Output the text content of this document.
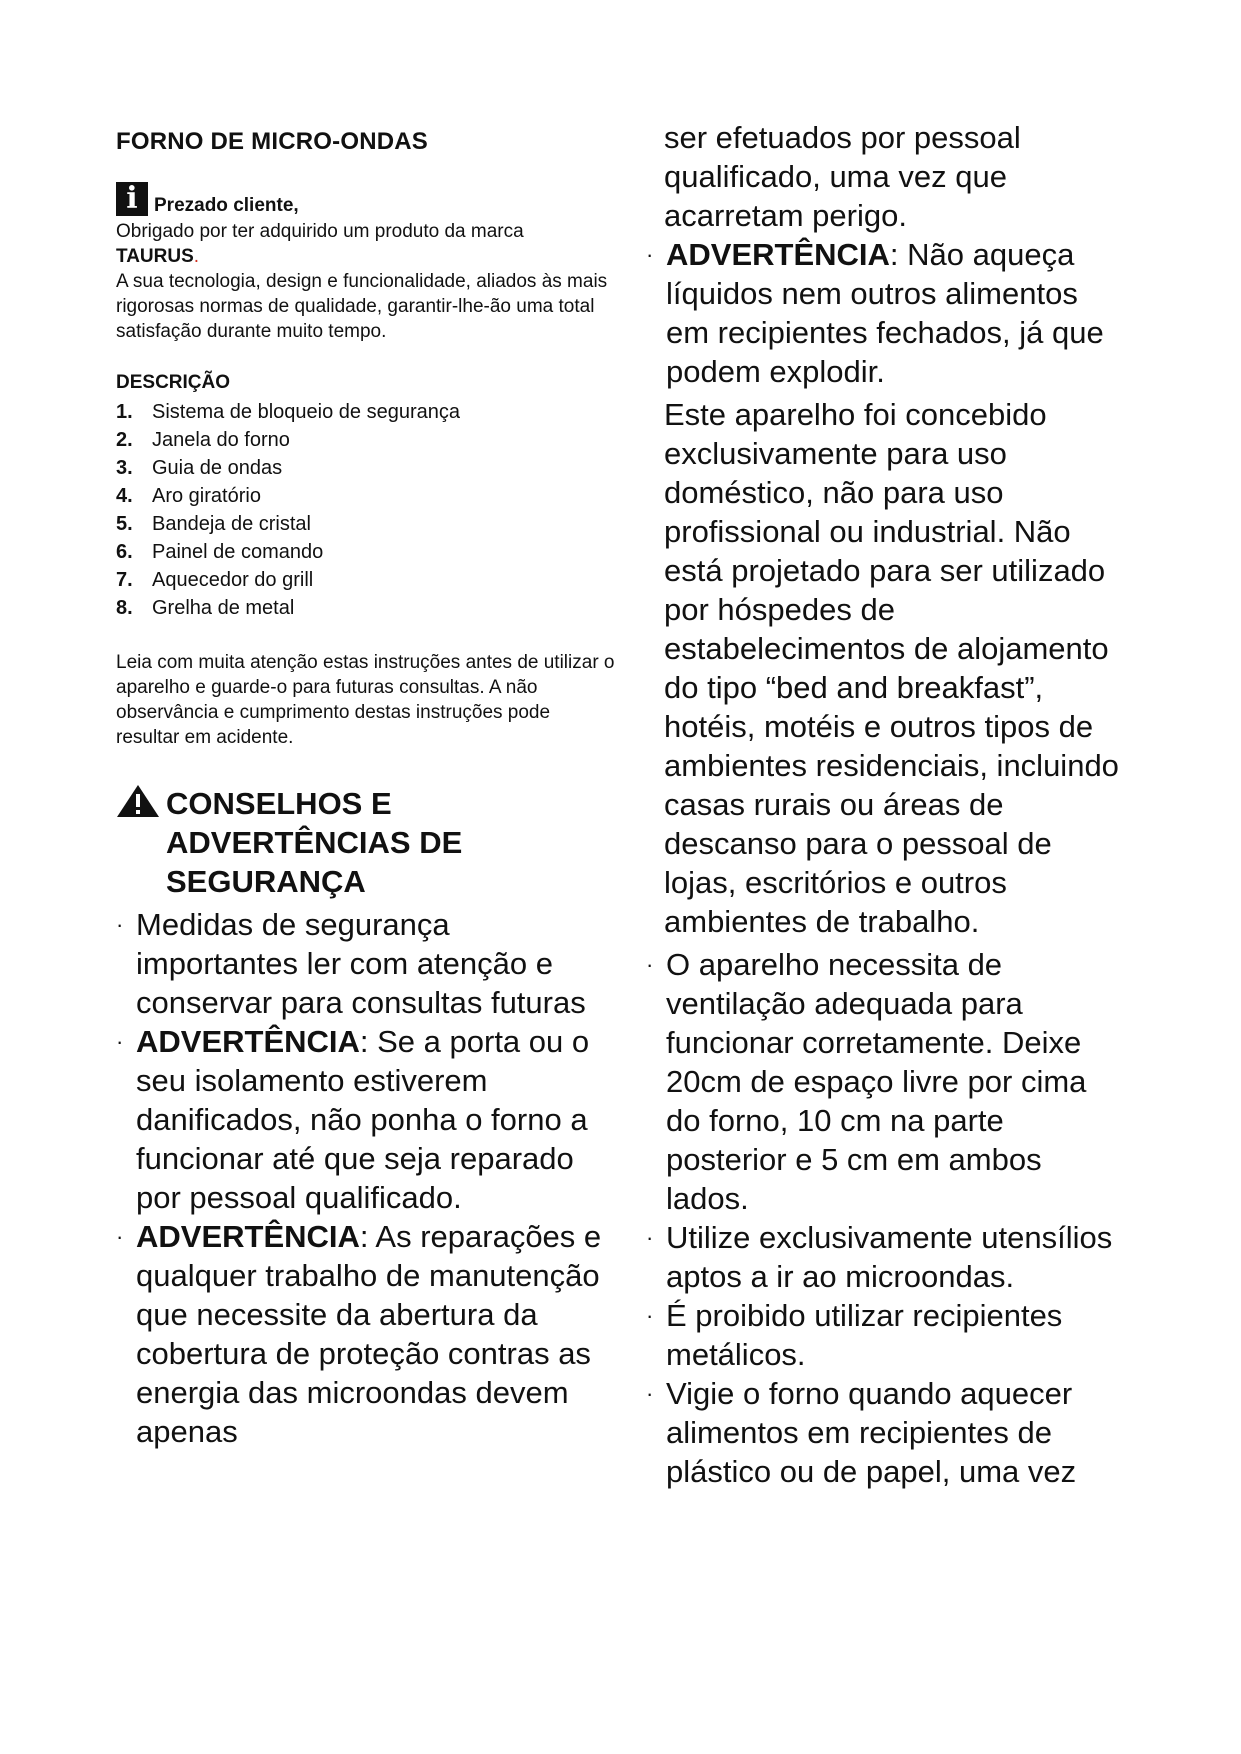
FORNO DE MICRO-ONDAS
i Prezado cliente,

Obrigado por ter adquirido um produto da marca
TAURUS.

A sua tecnologia, design e funcionalidade, aliados às mais rigorosas normas de qualidade, garantir-lhe-ão uma total satisfação durante muito tempo.

DESCRIÇÃO
1. Sistema de bloqueio de segurança
2. Janela do forno
3. Guia de ondas
4. Aro giratório
5. Bandeja de cristal
6. Painel de comando
7. Aquecedor do grill
8. Grelha de metal
Leia com muita atenção estas instruções antes de utilizar o aparelho e guarde-o para futuras consultas. A não observância e cumprimento destas instruções pode resultar em acidente.
CONSELHOS E ADVERTÊNCIAS DE SEGURANÇA
· Medidas de segurança importantes ler com atenção e conservar para consultas futuras
· ADVERTÊNCIA: Se a porta ou o seu isolamento estiverem danificados, não ponha o forno a funcionar até que seja reparado por pessoal qualificado.
· ADVERTÊNCIA: As reparações e qualquer trabalho de manutenção que necessite da abertura da cobertura de proteção contras as energia das microondas devem apenas
ser efetuados por pessoal qualificado, uma vez que acarretam perigo.
· ADVERTÊNCIA: Não aqueça líquidos nem outros alimentos em recipientes fechados, já que podem explodir.
Este aparelho foi concebido exclusivamente para uso doméstico, não para uso profissional ou industrial. Não está projetado para ser utilizado por hóspedes de estabelecimentos de alojamento do tipo “bed and breakfast”, hotéis, motéis e outros tipos de ambientes residenciais, incluindo casas rurais ou áreas de descanso para o pessoal de lojas, escritórios e outros ambientes de trabalho.
· O aparelho necessita de ventilação adequada para funcionar corretamente. Deixe 20cm de espaço livre por cima do forno, 10 cm na parte posterior e 5 cm em ambos lados.
· Utilize exclusivamente utensílios aptos a ir ao microondas.
· É proibido utilizar recipientes metálicos.
· Vigie o forno quando aquecer alimentos em recipientes de plástico ou de papel, uma vez
